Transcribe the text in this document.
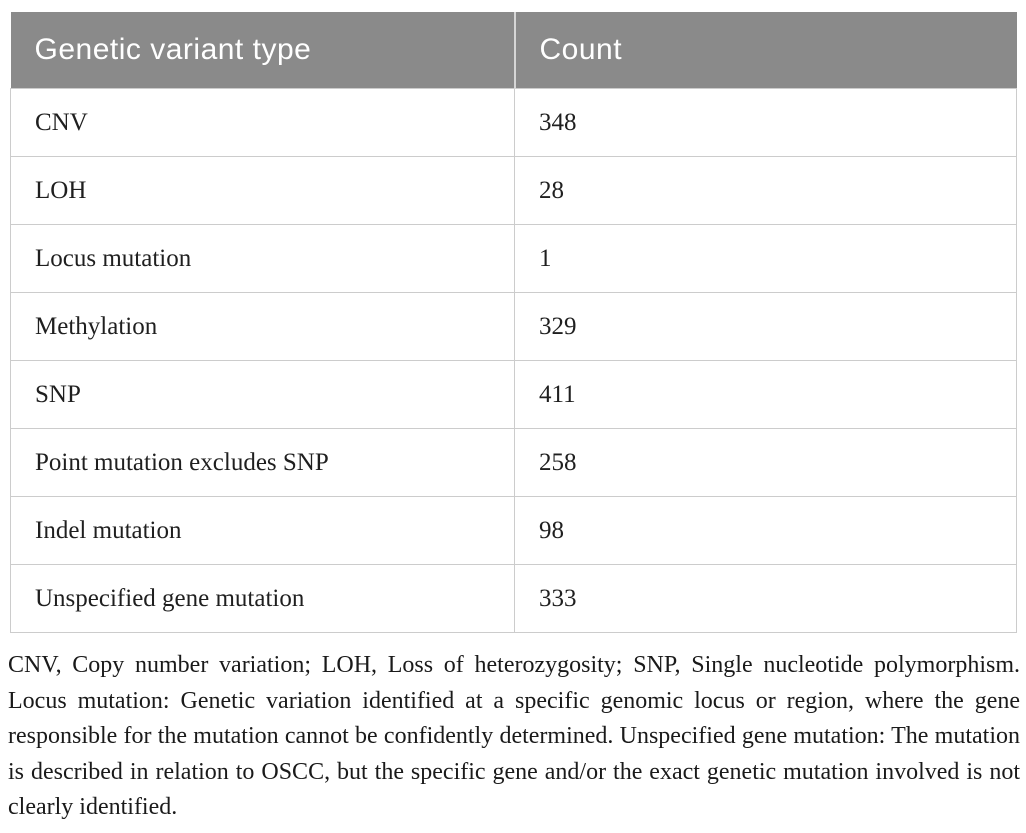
Genetic variant type	Count
CNV	348
LOH	28
Locus mutation	1
Methylation	329
SNP	411
Point mutation excludes SNP	258
Indel mutation	98
Unspecified gene mutation	333
CNV, Copy number variation; LOH, Loss of heterozygosity; SNP, Single nucleotide polymorphism. Locus mutation: Genetic variation identified at a specific genomic locus or region, where the gene responsible for the mutation cannot be confidently determined. Unspecified gene mutation: The mutation is described in relation to OSCC, but the specific gene and/or the exact genetic mutation involved is not clearly identified.
